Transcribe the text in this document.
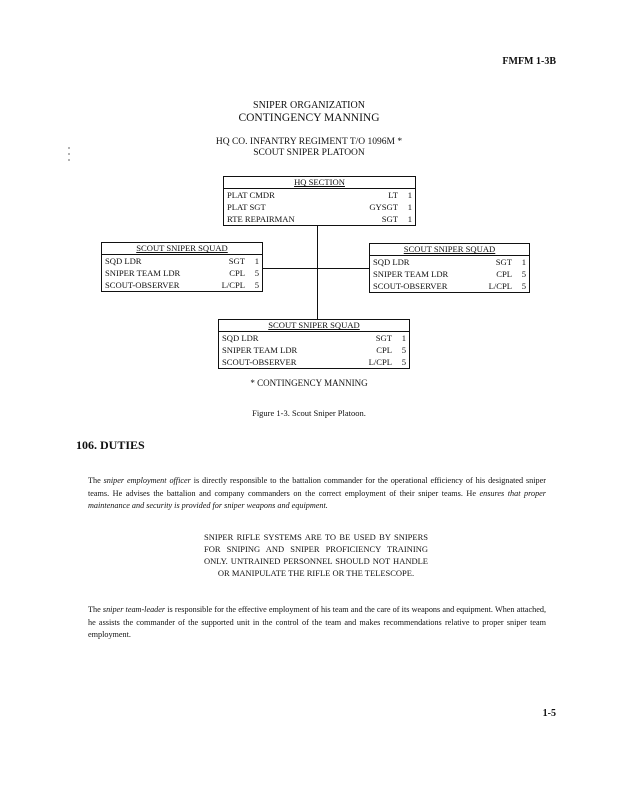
FMFM 1-3B
SNIPER ORGANIZATION
CONTINGENCY MANNING
HQ CO. INFANTRY REGIMENT T/O 1096M *
SCOUT SNIPER PLATOON
HQ SECTION
PLAT CMDR	LT	1
PLAT SGT	GYSGT	1
RTE REPAIRMAN	SGT	1
SCOUT SNIPER SQUAD
SQD LDR	SGT	1
SNIPER TEAM LDR	CPL	5
SCOUT-OBSERVER	L/CPL	5
SCOUT SNIPER SQUAD
SQD LDR	SGT	1
SNIPER TEAM LDR	CPL	5
SCOUT-OBSERVER	L/CPL	5
SCOUT SNIPER SQUAD
SQD LDR	SGT	1
SNIPER TEAM LDR	CPL	5
SCOUT-OBSERVER	L/CPL	5
* CONTINGENCY MANNING
Figure 1-3. Scout Sniper Platoon.
106. DUTIES
The sniper employment officer is directly responsible to the battalion commander for the operational efficiency of his designated sniper teams. He advises the battalion and company commanders on the correct employment of their sniper teams. He ensures that proper maintenance and security is provided for sniper weapons and equipment.
SNIPER RIFLE SYSTEMS ARE TO BE USED BY SNIPERS FOR SNIPING AND SNIPER PROFICIENCY TRAINING ONLY. UNTRAINED PERSONNEL SHOULD NOT HANDLE OR MANIPULATE THE RIFLE OR THE TELESCOPE.
The sniper team-leader is responsible for the effective employment of his team and the care of its weapons and equipment. When attached, he assists the commander of the supported unit in the control of the team and makes recommendations relative to proper sniper team employment.
1-5
